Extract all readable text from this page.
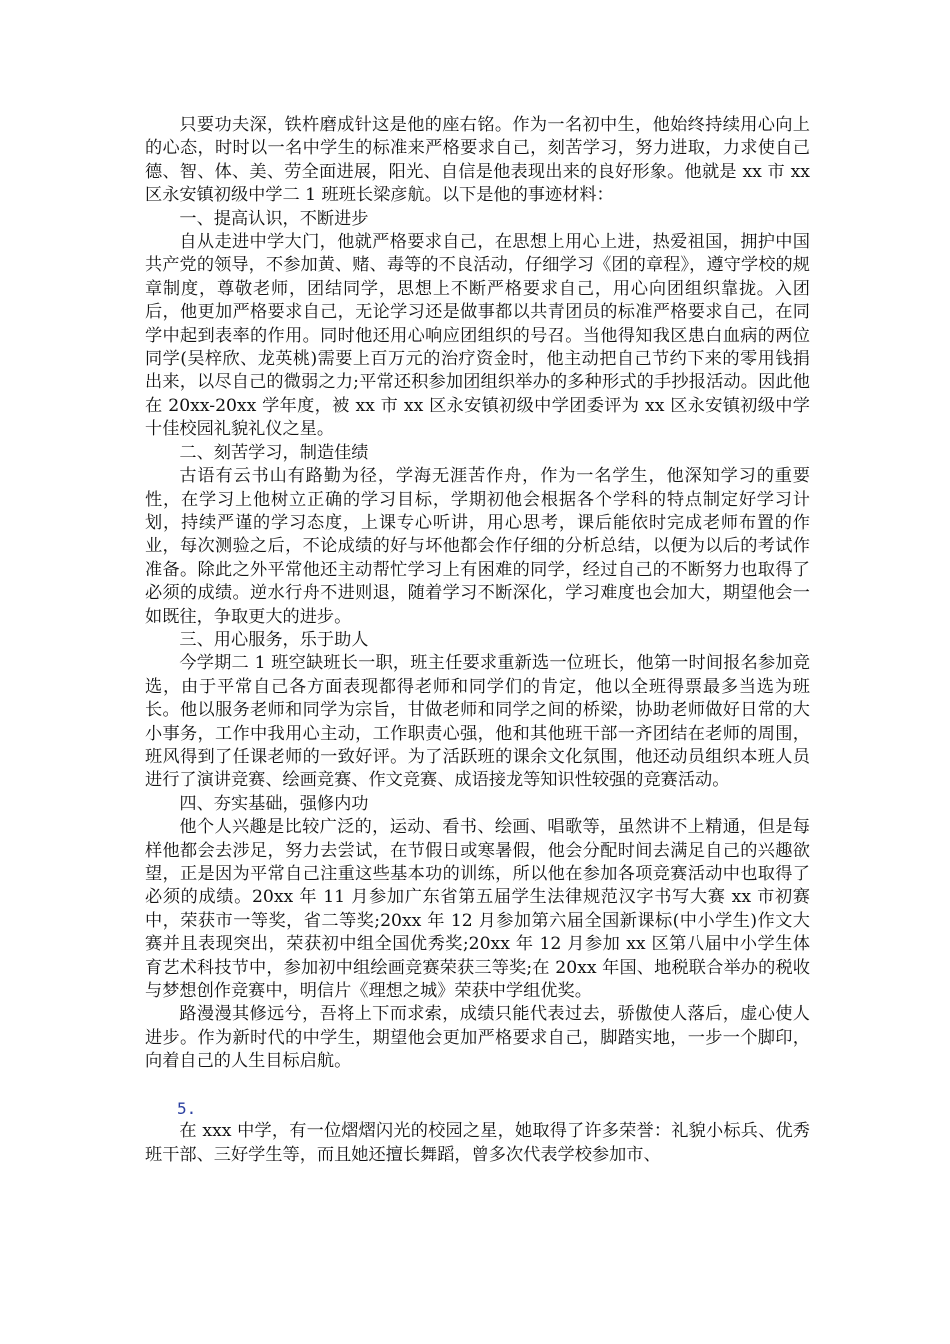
只要功夫深，铁杵磨成针这是他的座右铭。作为一名初中生，他始终持续用心向上的心态，时时以一名中学生的标准来严格要求自己，刻苦学习，努力进取，力求使自己德、智、体、美、劳全面进展，阳光、自信是他表现出来的良好形象。他就是 xx 市 xx 区永安镇初级中学二 1 班班长梁彦航。以下是他的事迹材料：

一、提高认识，不断进步

自从走进中学大门，他就严格要求自己，在思想上用心上进，热爱祖国，拥护中国共产党的领导，不参加黄、赌、毒等的不良活动，仔细学习《团的章程》，遵守学校的规章制度，尊敬老师，团结同学，思想上不断严格要求自己，用心向团组织靠拢。入团后，他更加严格要求自己，无论学习还是做事都以共青团员的标准严格要求自己，在同学中起到表率的作用。同时他还用心响应团组织的号召。当他得知我区患白血病的两位同学(吴梓欣、龙英桃)需要上百万元的治疗资金时，他主动把自己节约下来的零用钱捐出来，以尽自己的微弱之力;平常还积参加团组织举办的多种形式的手抄报活动。因此他在 20xx-20xx 学年度，被 xx 市 xx 区永安镇初级中学团委评为 xx 区永安镇初级中学十佳校园礼貌礼仪之星。

二、刻苦学习，制造佳绩

古语有云书山有路勤为径，学海无涯苦作舟，作为一名学生，他深知学习的重要性，在学习上他树立正确的学习目标，学期初他会根据各个学科的特点制定好学习计划，持续严谨的学习态度，上课专心听讲，用心思考，课后能依时完成老师布置的作业，每次测验之后，不论成绩的好与坏他都会作仔细的分析总结，以便为以后的考试作准备。除此之外平常他还主动帮忙学习上有困难的同学，经过自己的不断努力也取得了必须的成绩。逆水行舟不进则退，随着学习不断深化，学习难度也会加大，期望他会一如既往，争取更大的进步。

三、用心服务，乐于助人

今学期二 1 班空缺班长一职，班主任要求重新选一位班长，他第一时间报名参加竞选，由于平常自己各方面表现都得老师和同学们的肯定，他以全班得票最多当选为班长。他以服务老师和同学为宗旨，甘做老师和同学之间的桥梁，协助老师做好日常的大小事务，工作中我用心主动，工作职责心强，他和其他班干部一齐团结在老师的周围，班风得到了任课老师的一致好评。为了活跃班的课余文化氛围，他还动员组织本班人员进行了演讲竞赛、绘画竞赛、作文竞赛、成语接龙等知识性较强的竞赛活动。

四、夯实基础，强修内功

他个人兴趣是比较广泛的，运动、看书、绘画、唱歌等，虽然讲不上精通，但是每样他都会去涉足，努力去尝试，在节假日或寒暑假，他会分配时间去满足自己的兴趣欲望，正是因为平常自己注重这些基本功的训练，所以他在参加各项竞赛活动中也取得了必须的成绩。20xx 年 11 月参加广东省第五届学生法律规范汉字书写大赛 xx 市初赛中，荣获市一等奖，省二等奖;20xx 年 12 月参加第六届全国新课标(中小学生)作文大赛并且表现突出，荣获初中组全国优秀奖;20xx 年 12 月参加 xx 区第八届中小学生体育艺术科技节中，参加初中组绘画竞赛荣获三等奖;在 20xx 年国、地税联合举办的税收与梦想创作竞赛中，明信片《理想之城》荣获中学组优奖。

路漫漫其修远兮，吾将上下而求索，成绩只能代表过去，骄傲使人落后，虚心使人进步。作为新时代的中学生，期望他会更加严格要求自己，脚踏实地，一步一个脚印，向着自己的人生目标启航。

5.

在 xxx 中学，有一位熠熠闪光的校园之星，她取得了许多荣誉：礼貌小标兵、优秀班干部、三好学生等，而且她还擅长舞蹈，曾多次代表学校参加市、
